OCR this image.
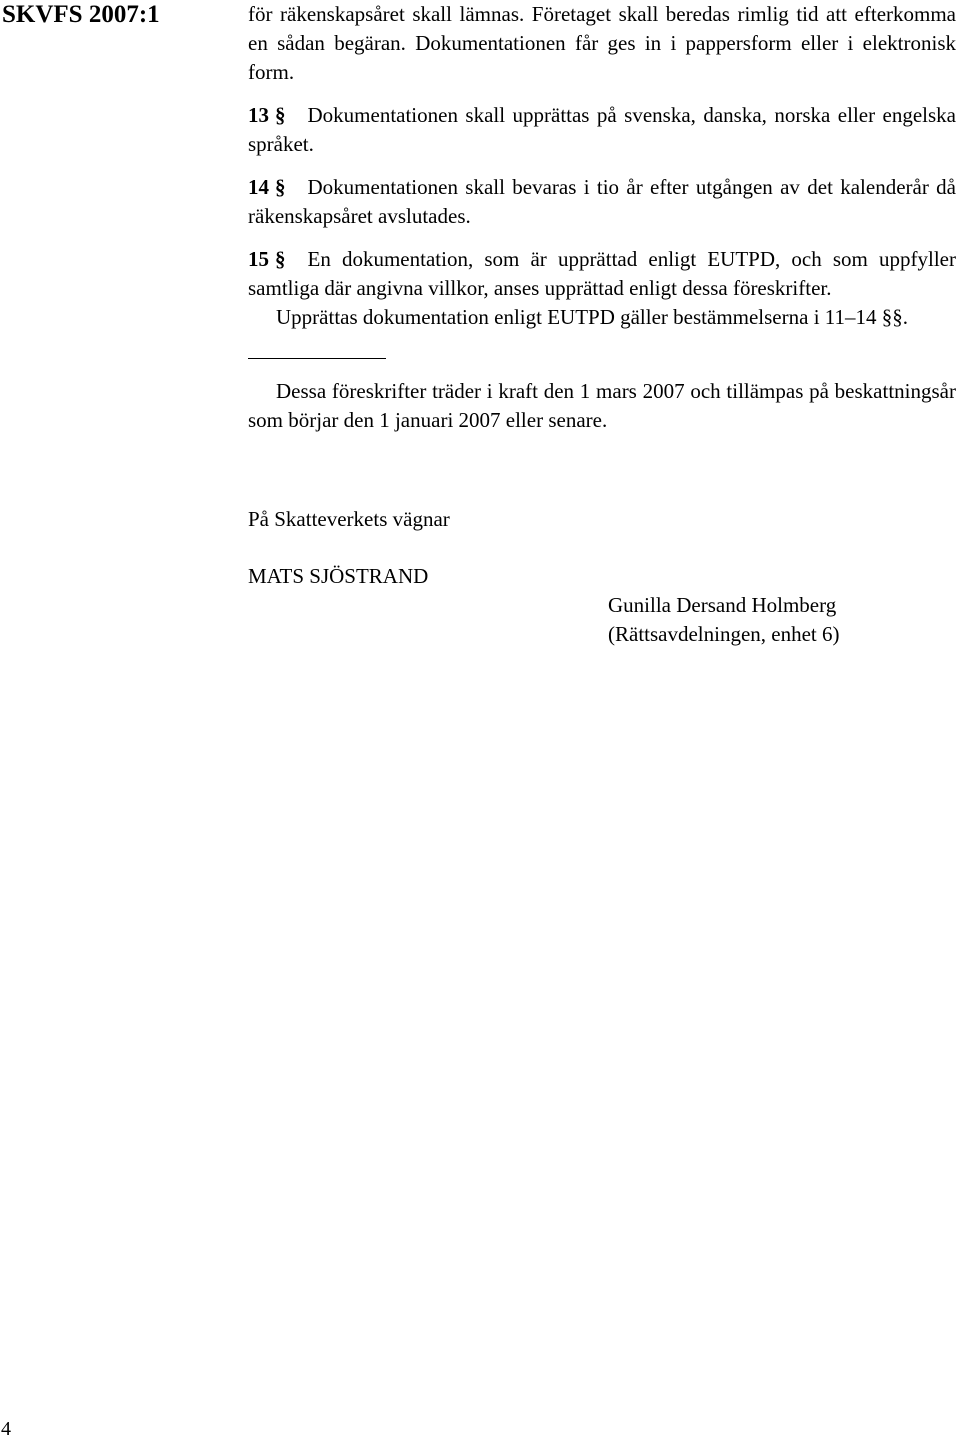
SKVFS 2007:1	för räkenskapsåret skall lämnas. Företaget skall beredas rimlig tid att efterkomma en sådan begäran. Dokumentationen får ges in i pappersform eller i elektronisk form.

13 § Dokumentationen skall upprättas på svenska, danska, norska eller engelska språket.

14 § Dokumentationen skall bevaras i tio år efter utgången av det kalenderår då räkenskapsåret avslutades.

15 § En dokumentation, som är upprättad enligt EUTPD, och som uppfyller samtliga där angivna villkor, anses upprättad enligt dessa föreskrifter.

Upprättas dokumentation enligt EUTPD gäller bestämmelserna i 11–14 §§.

Dessa föreskrifter träder i kraft den 1 mars 2007 och tillämpas på beskattningsår som börjar den 1 januari 2007 eller senare.

På Skatteverkets vägnar
MATS SJÖSTRAND
Gunilla Dersand Holmberg
(Rättsavdelningen, enhet 6)
4
